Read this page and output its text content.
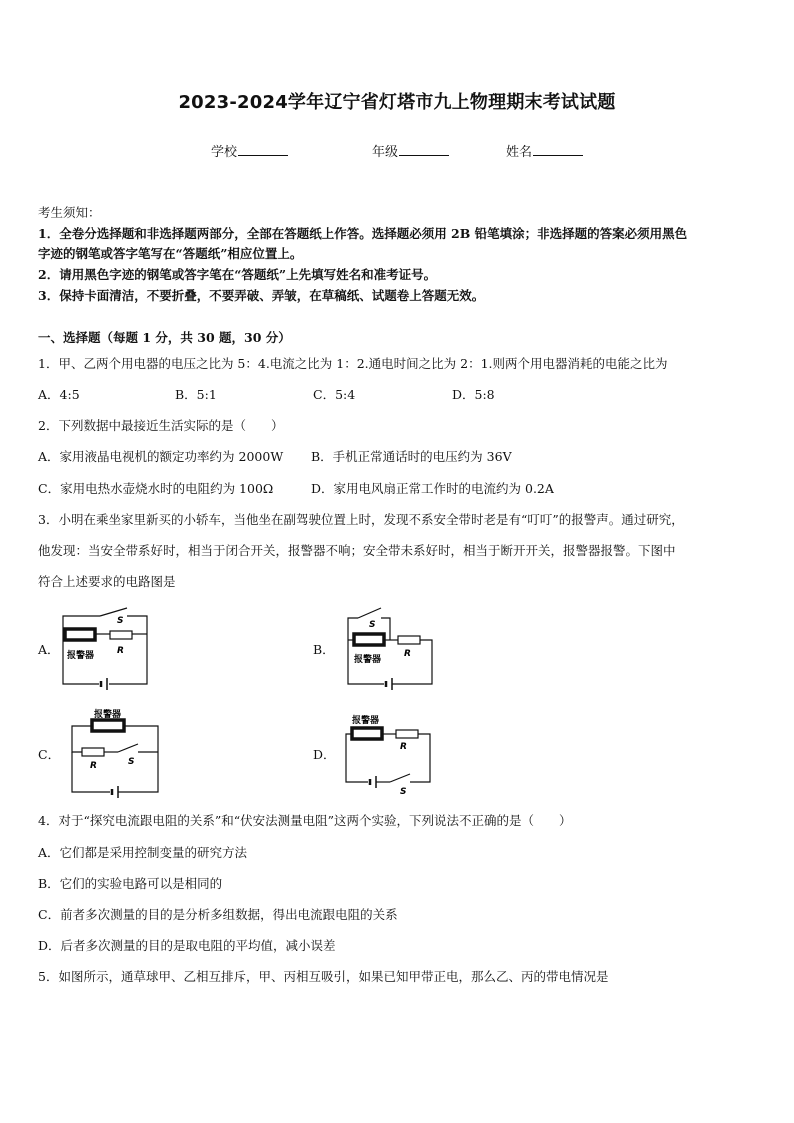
2023-2024学年辽宁省灯塔市九上物理期末考试试题
学校	年级	姓名
考生须知：
1．全卷分选择题和非选择题两部分，全部在答题纸上作答。选择题必须用 2B 铅笔填涂；非选择题的答案必须用黑色
字迹的钢笔或答字笔写在“答题纸”相应位置上。
2．请用黑色字迹的钢笔或答字笔在“答题纸”上先填写姓名和准考证号。
3．保持卡面清洁，不要折叠，不要弄破、弄皱，在草稿纸、试题卷上答题无效。
一、选择题（每题 1 分，共 30 题，30 分）
1．甲、乙两个用电器的电压之比为 5：4.电流之比为 1：2.通电时间之比为 2：1.则两个用电器消耗的电能之比为
A．4:5	B．5:1	C．5:4	D．5:8
2．下列数据中最接近生活实际的是（　　）
A．家用液晶电视机的额定功率约为 2000W B．手机正常通话时的电压约为 36V
C．家用电热水壶烧水时的电阻约为 100Ω	D．家用电风扇正常工作时的电流约为 0.2A
3．小明在乘坐家里新买的小轿车，当他坐在副驾驶位置上时，发现不系安全带时老是有“叮叮”的报警声。通过研究，
他发现：当安全带系好时，相当于闭合开关，报警器不响；安全带未系好时，相当于断开开关，报警器报警。下图中
符合上述要求的电路图是
A．
S
R
报警器	B．
S
R
报警器
C．
报警器
R	S	D．
报警器
R
S
4．对于“探究电流跟电阻的关系”和“伏安法测量电阻”这两个实验，下列说法不正确的是（　　）
A．它们都是采用控制变量的研究方法
B．它们的实验电路可以是相同的
C．前者多次测量的目的是分析多组数据，得出电流跟电阻的关系
D．后者多次测量的目的是取电阻的平均值，减小误差
5．如图所示，通草球甲、乙相互排斥，甲、丙相互吸引，如果已知甲带正电，那么乙、丙的带电情况是
